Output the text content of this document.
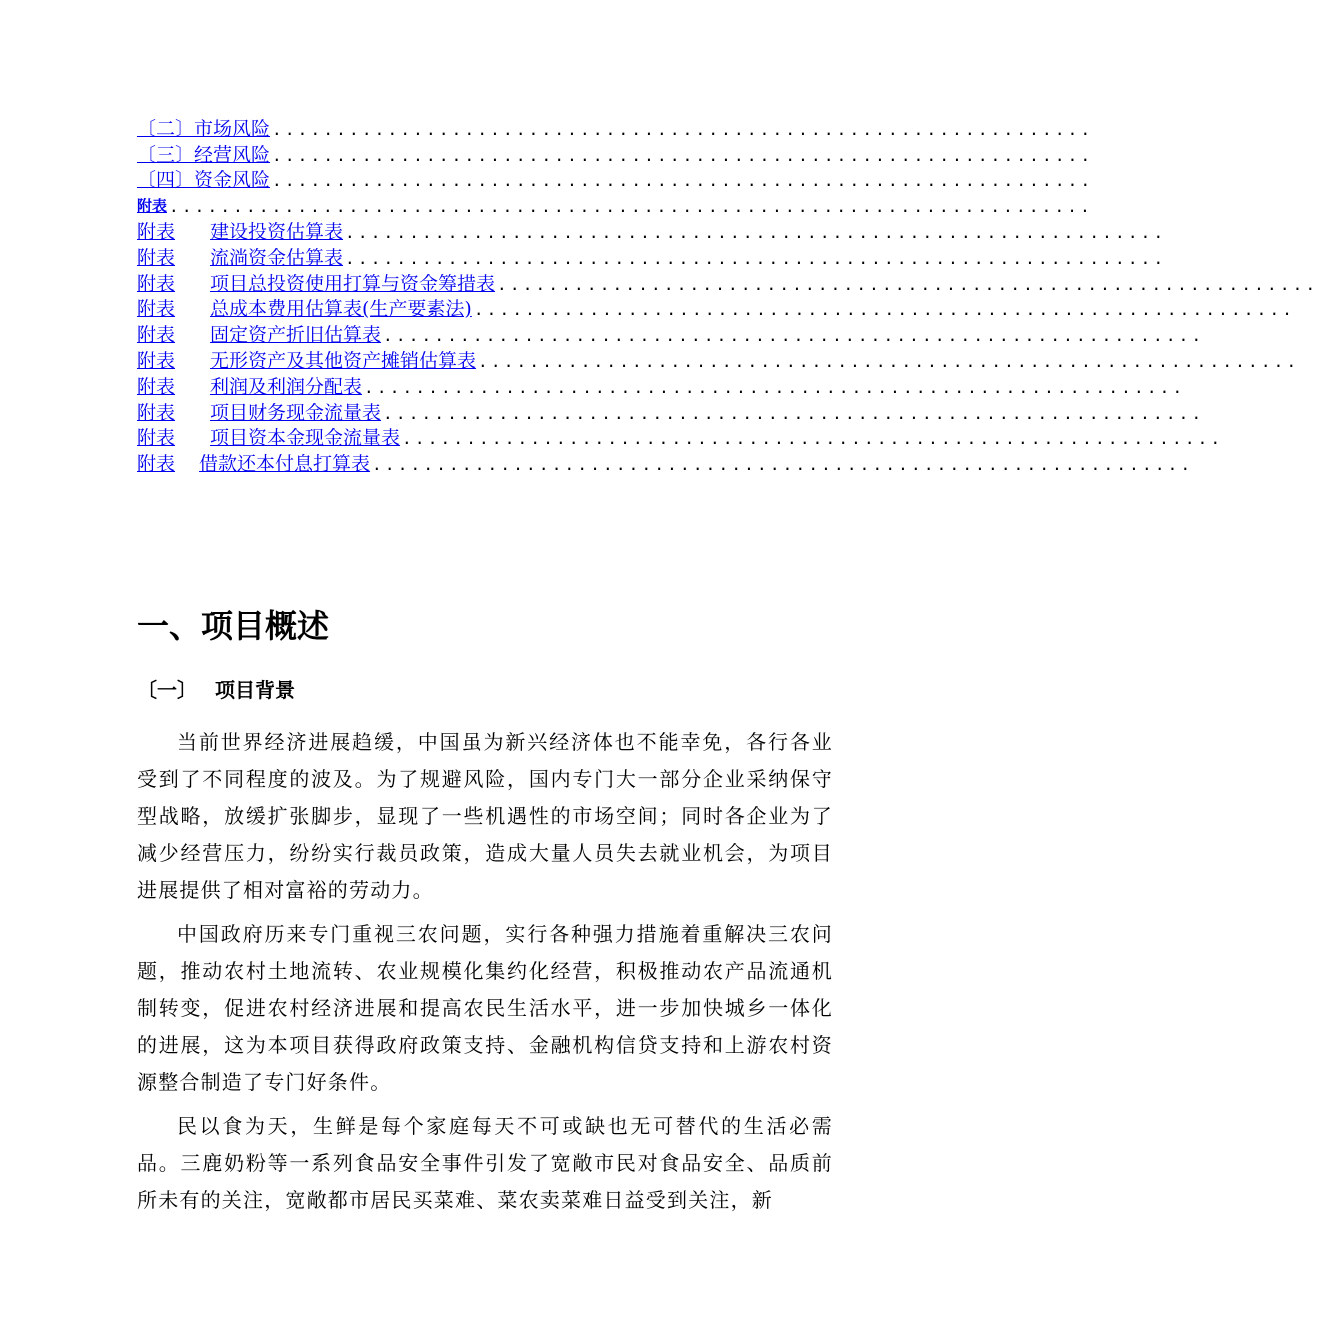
〔二〕市场风险 ................................................................
〔三〕经营风险 ................................................................
〔四〕资金风险 ................................................................
附表 ........................................................................
附表 建设投资估算表 ................................................................
附表 流淌资金估算表 ................................................................
附表 项目总投资使用打算与资金筹措表 ................................................................
附表 总成本费用估算表(生产要素法) ................................................................
附表 固定资产折旧估算表 ................................................................
附表 无形资产及其他资产摊销估算表 ................................................................
附表 利润及利润分配表 ................................................................
附表 项目财务现金流量表 ................................................................
附表 项目资本金现金流量表 ................................................................
附表 借款还本付息打算表 ................................................................
一、项目概述
〔一〕 项目背景

当前世界经济进展趋缓，中国虽为新兴经济体也不能幸免，各行各业受到了不同程度的波及。为了规避风险，国内专门大一部分企业采纳保守型战略，放缓扩张脚步，显现了一些机遇性的市场空间；同时各企业为了减少经营压力，纷纷实行裁员政策，造成大量人员失去就业机会，为项目进展提供了相对富裕的劳动力。

中国政府历来专门重视三农问题，实行各种强力措施着重解决三农问题，推动农村土地流转、农业规模化集约化经营，积极推动农产品流通机制转变，促进农村经济进展和提高农民生活水平，进一步加快城乡一体化的进展，这为本项目获得政府政策支持、金融机构信贷支持和上游农村资源整合制造了专门好条件。

民以食为天，生鲜是每个家庭每天不可或缺也无可替代的生活必需品。三鹿奶粉等一系列食品安全事件引发了宽敞市民对食品安全、品质前所未有的关注，宽敞都市居民买菜难、菜农卖菜难日益受到关注，新
